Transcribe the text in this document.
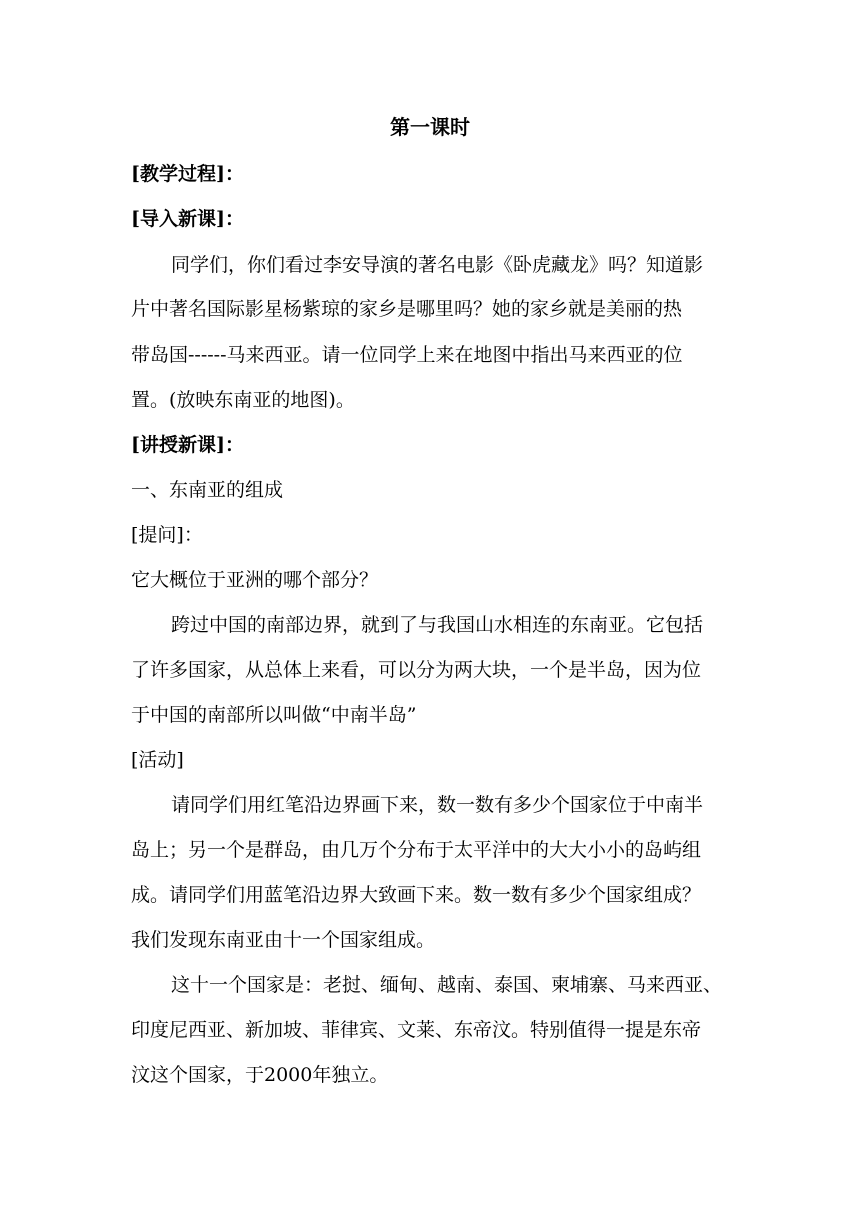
第一课时
[教学过程]：
[导入新课]：
同学们，你们看过李安导演的著名电影《卧虎藏龙》吗？知道影
片中著名国际影星杨紫琼的家乡是哪里吗？她的家乡就是美丽的热
带岛国------马来西亚。请一位同学上来在地图中指出马来西亚的位
置。(放映东南亚的地图)。
[讲授新课]：
一、东南亚的组成
[提问]：
它大概位于亚洲的哪个部分？
跨过中国的南部边界，就到了与我国山水相连的东南亚。它包括
了许多国家，从总体上来看，可以分为两大块，一个是半岛，因为位
于中国的南部所以叫做“中南半岛”
[活动]
请同学们用红笔沿边界画下来，数一数有多少个国家位于中南半
岛上；另一个是群岛，由几万个分布于太平洋中的大大小小的岛屿组
成。请同学们用蓝笔沿边界大致画下来。数一数有多少个国家组成？
我们发现东南亚由十一个国家组成。
这十一个国家是：老挝、缅甸、越南、泰国、柬埔寨、马来西亚、
印度尼西亚、新加坡、菲律宾、文莱、东帝汶。特别值得一提是东帝
汶这个国家，于2000年独立。
